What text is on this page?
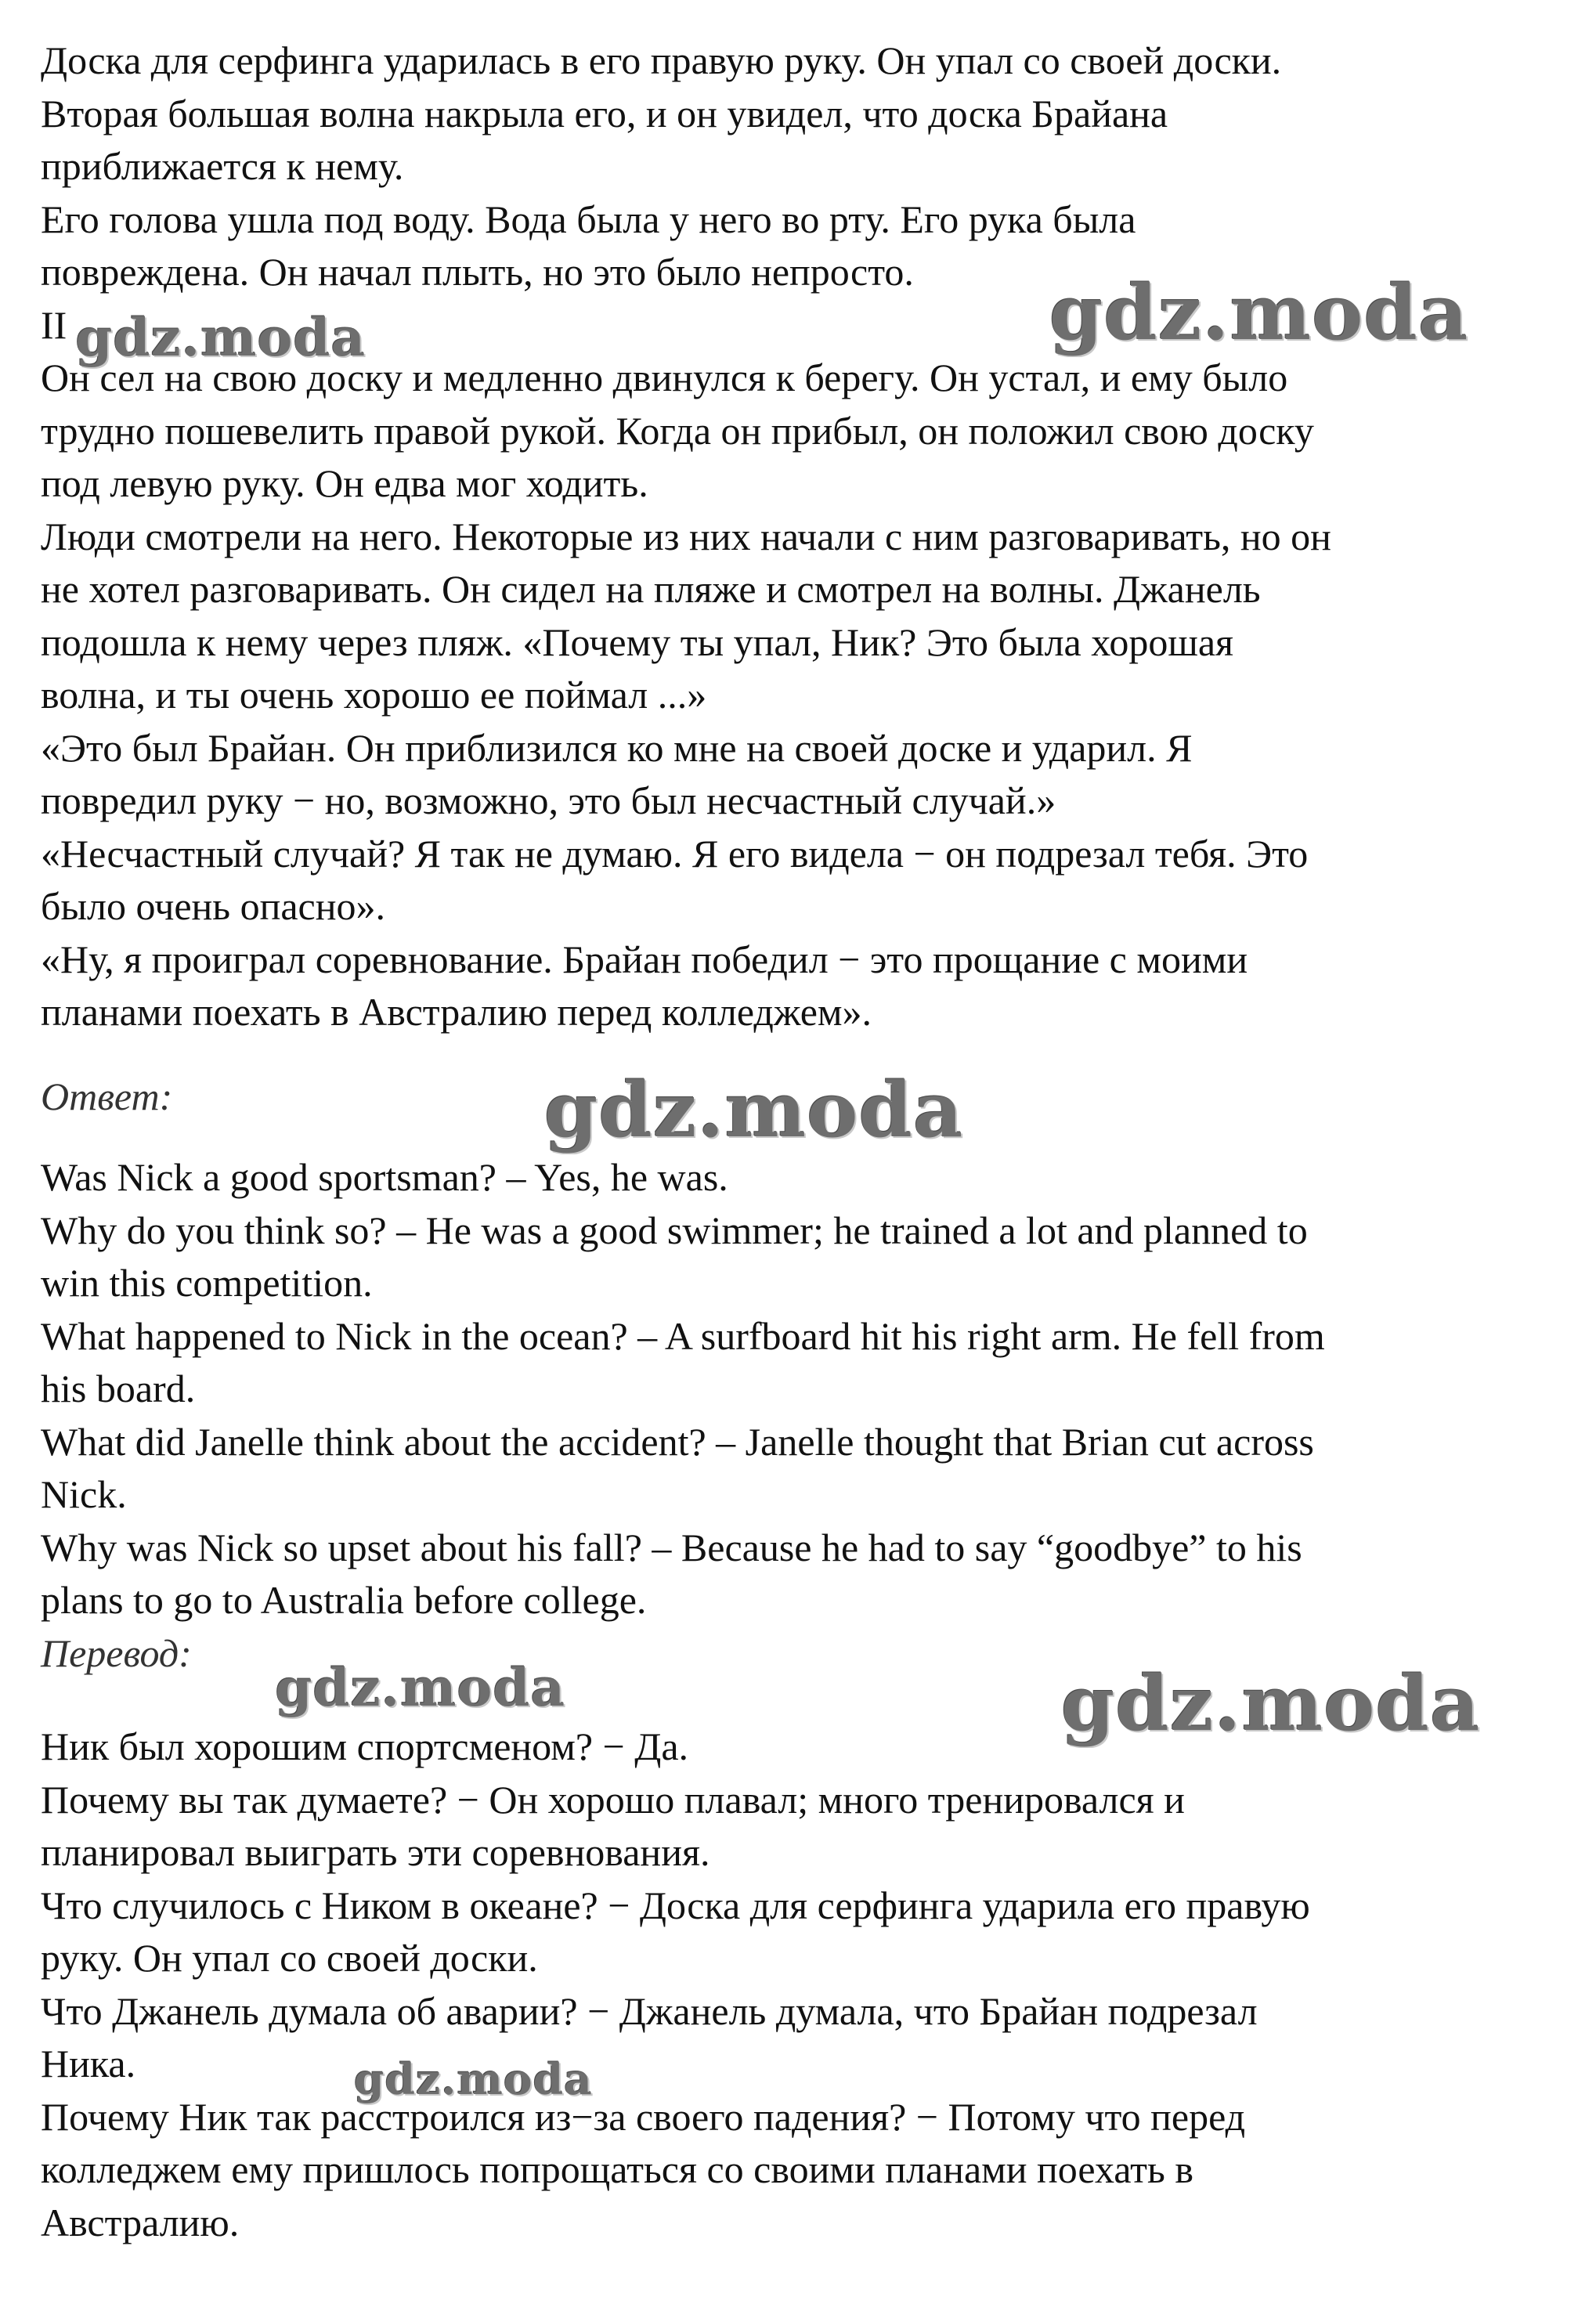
Доска для серфинга ударилась в его правую руку. Он упал со своей доски.
Вторая большая волна накрыла его, и он увидел, что доска Брайана
приближается к нему.
Его голова ушла под воду. Вода была у него во рту. Его рука была
повреждена. Он начал плыть, но это было непросто.
II
Он сел на свою доску и медленно двинулся к берегу. Он устал, и ему было
трудно пошевелить правой рукой. Когда он прибыл, он положил свою доску
под левую руку. Он едва мог ходить.
Люди смотрели на него. Некоторые из них начали с ним разговаривать, но он
не хотел разговаривать. Он сидел на пляже и смотрел на волны. Джанель
подошла к нему через пляж. «Почему ты упал, Ник? Это была хорошая
волна, и ты очень хорошо ее поймал ...»
«Это был Брайан. Он приблизился ко мне на своей доске и ударил. Я
повредил руку − но, возможно, это был несчастный случай.»
«Несчастный случай? Я так не думаю. Я его видела − он подрезал тебя. Это
было очень опасно».
«Ну, я проиграл соревнование. Брайан победил − это прощание с моими
планами поехать в Австралию перед колледжем».
Ответ:
Was Nick a good sportsman? – Yes, he was.
Why do you think so? – He was a good swimmer; he trained a lot and planned to
win this competition.
What happened to Nick in the ocean? – A surfboard hit his right arm. He fell from
his board.
What did Janelle think about the accident? – Janelle thought that Brian cut across
Nick.
Why was Nick so upset about his fall? – Because he had to say “goodbye” to his
plans to go to Australia before college.
Перевод:
Ник был хорошим спортсменом? − Да.
Почему вы так думаете? − Он хорошо плавал; много тренировался и
планировал выиграть эти соревнования.
Что случилось с Ником в океане? − Доска для серфинга ударила его правую
руку. Он упал со своей доски.
Что Джанель думала об аварии? − Джанель думала, что Брайан подрезал
Ника.
Почему Ник так расстроился из−за своего падения? − Потому что перед
колледжем ему пришлось попрощаться со своими планами поехать в
Австралию.
gdz.moda
gdz.moda
gdz.moda
gdz.moda	gdz.moda
gdz.moda
